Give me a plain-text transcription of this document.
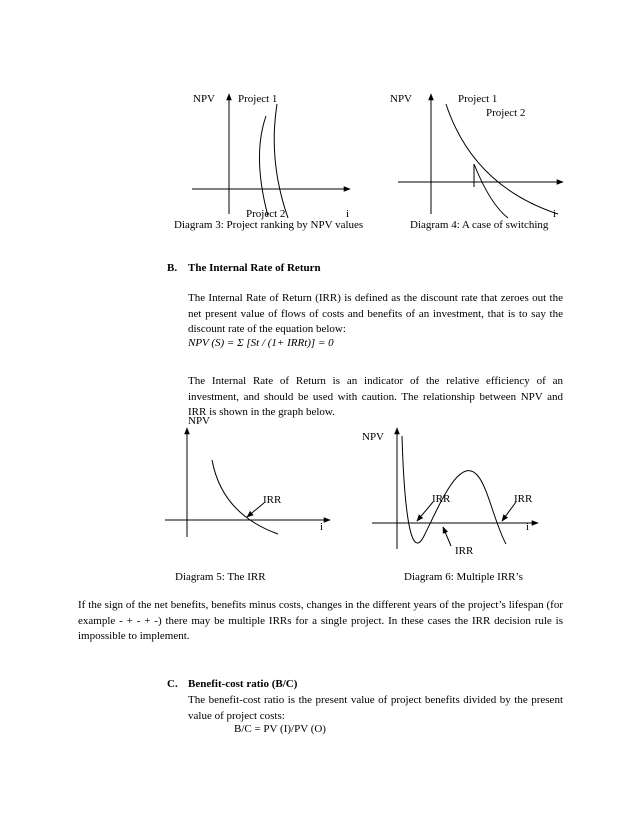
NPV Project 1
Project 2	i
Diagram 3: Project ranking by NPV values
NPV	Project 1
Project 2
i
Diagram 4: A case of switching
B. The Internal Rate of Return
The Internal Rate of Return (IRR) is defined as the discount rate that zeroes out the net present value of flows of costs and benefits of an investment, that is to say the discount rate of the equation below:
NPV (S) = Σ [St / (1+ IRRt)] = 0
The Internal Rate of Return is an indicator of the relative efficiency of an investment, and should be used with caution. The relationship between NPV and IRR is shown in the graph below.
NPV
IRR
i
Diagram 5: The IRR
NPV
IRR
IRR
IRR
i
Diagram 6: Multiple IRR’s
If the sign of the net benefits, benefits minus costs, changes in the different years of the project’s lifespan (for example - + - + -) there may be multiple IRRs for a single project. In these cases the IRR decision rule is impossible to implement.
C. Benefit-cost ratio (B/C)
The benefit-cost ratio is the present value of project benefits divided by the present value of project costs:
B/C = PV (I)/PV (O)
